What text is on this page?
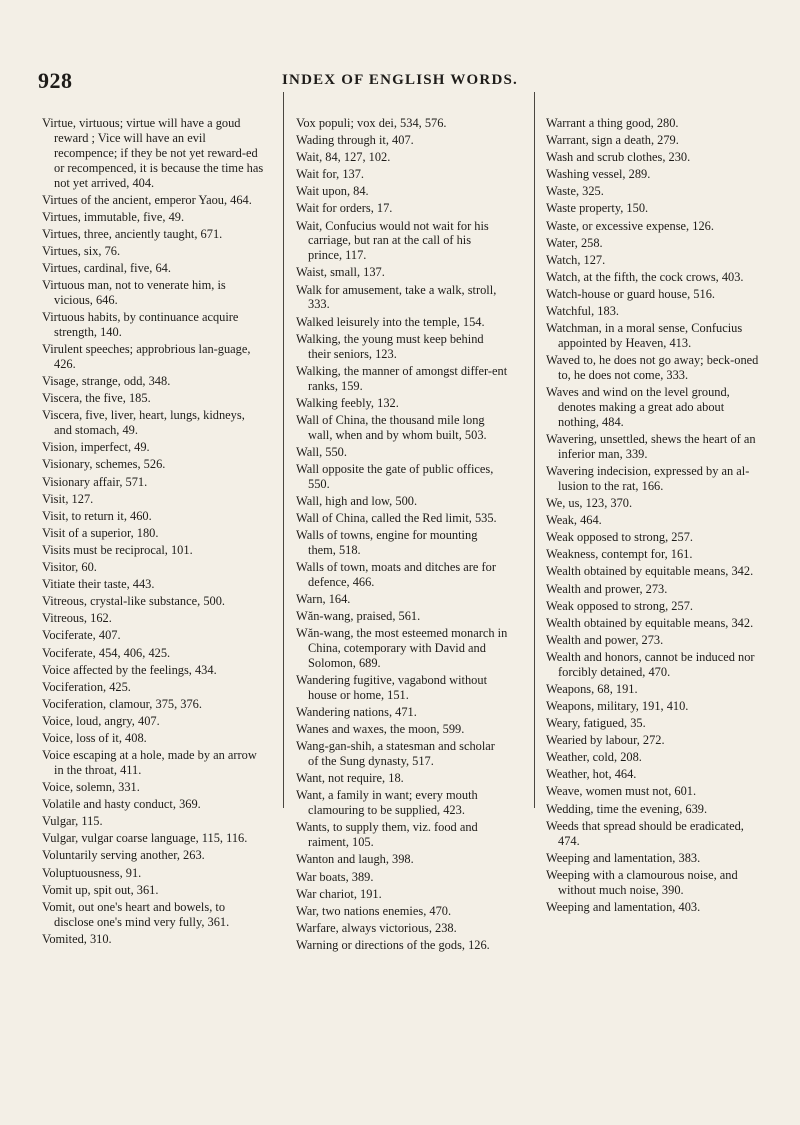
928	INDEX OF ENGLISH WORDS.

Virtue, virtuous; virtue will have a goud reward ; Vice will have an evil recompence; if they be not yet reward-ed or recompenced, it is because the time has not yet arrived, 404.

Virtues of the ancient, emperor Yaou, 464.

Virtues, immutable, five, 49.

Virtues, three, anciently taught, 671.

Virtues, six, 76.

Virtues, cardinal, five, 64.

Virtuous man, not to venerate him, is vicious, 646.

Virtuous habits, by continuance acquire strength, 140.

Virulent speeches; approbrious lan-guage, 426.

Visage, strange, odd, 348.

Viscera, the five, 185.

Viscera, five, liver, heart, lungs, kidneys, and stomach, 49.

Vision, imperfect, 49.

Visionary, schemes, 526.

Visionary affair, 571.

Visit, 127.

Visit, to return it, 460.

Visit of a superior, 180.

Visits must be reciprocal, 101.

Visitor, 60.

Vitiate their taste, 443.

Vitreous, crystal-like substance, 500.

Vitreous, 162.

Vociferate, 407.

Vociferate, 454, 406, 425.

Voice affected by the feelings, 434.

Vociferation, 425.

Vociferation, clamour, 375, 376.

Voice, loud, angry, 407.

Voice, loss of it, 408.

Voice escaping at a hole, made by an arrow in the throat, 411.

Voice, solemn, 331.

Volatile and hasty conduct, 369.

Vulgar, 115.

Vulgar, vulgar coarse language, 115, 116.

Voluntarily serving another, 263.

Voluptuousness, 91.

Vomit up, spit out, 361.

Vomit, out one's heart and bowels, to disclose one's mind very fully, 361.

Vomited, 310.

Vox populi; vox dei, 534, 576.

Wading through it, 407.

Wait, 84, 127, 102.

Wait for, 137.

Wait upon, 84.

Wait for orders, 17.

Wait, Confucius would not wait for his carriage, but ran at the call of his prince, 117.

Waist, small, 137.

Walk for amusement, take a walk, stroll, 333.

Walked leisurely into the temple, 154.

Walking, the young must keep behind their seniors, 123.

Walking, the manner of amongst differ-ent ranks, 159.

Walking feebly, 132.

Wall of China, the thousand mile long wall, when and by whom built, 503.

Wall, 550.

Wall opposite the gate of public offices, 550.

Wall, high and low, 500.

Wall of China, called the Red limit, 535.

Walls of towns, engine for mounting them, 518.

Walls of town, moats and ditches are for defence, 466.

Warn, 164.

Wăn-wang, praised, 561.

Wăn-wang, the most esteemed monarch in China, cotemporary with David and Solomon, 689.

Wandering fugitive, vagabond without house or home, 151.

Wandering nations, 471.

Wanes and waxes, the moon, 599.

Wang-gan-shih, a statesman and scholar of the Sung dynasty, 517.

Want, not require, 18.

Want, a family in want; every mouth clamouring to be supplied, 423.

Wants, to supply them, viz. food and raiment, 105.

Wanton and laugh, 398.

War boats, 389.

War chariot, 191.

War, two nations enemies, 470.

Warfare, always victorious, 238.

Warning or directions of the gods, 126.

Warrant a thing good, 280.

Warrant, sign a death, 279.

Wash and scrub clothes, 230.

Washing vessel, 289.

Waste, 325.

Waste property, 150.

Waste, or excessive expense, 126.

Water, 258.

Watch, 127.

Watch, at the fifth, the cock crows, 403.

Watch-house or guard house, 516.

Watchful, 183.

Watchman, in a moral sense, Confucius appointed by Heaven, 413.

Waved to, he does not go away; beck-oned to, he does not come, 333.

Waves and wind on the level ground, denotes making a great ado about nothing, 484.

Wavering, unsettled, shews the heart of an inferior man, 339.

Wavering indecision, expressed by an al-lusion to the rat, 166.

We, us, 123, 370.

Weak, 464.

Weak opposed to strong, 257.

Weakness, contempt for, 161.

Wealth obtained by equitable means, 342.

Wealth and prower, 273.

Weak opposed to strong, 257.

Wealth obtained by equitable means, 342.

Wealth and power, 273.

Wealth and honors, cannot be induced nor forcibly detained, 470.

Weapons, 68, 191.

Weapons, military, 191, 410.

Weary, fatigued, 35.

Wearied by labour, 272.

Weather, cold, 208.

Weather, hot, 464.

Weave, women must not, 601.

Wedding, time the evening, 639.

Weeds that spread should be eradicated, 474.

Weeping and lamentation, 383.

Weeping with a clamourous noise, and without much noise, 390.

Weeping and lamentation, 403.
